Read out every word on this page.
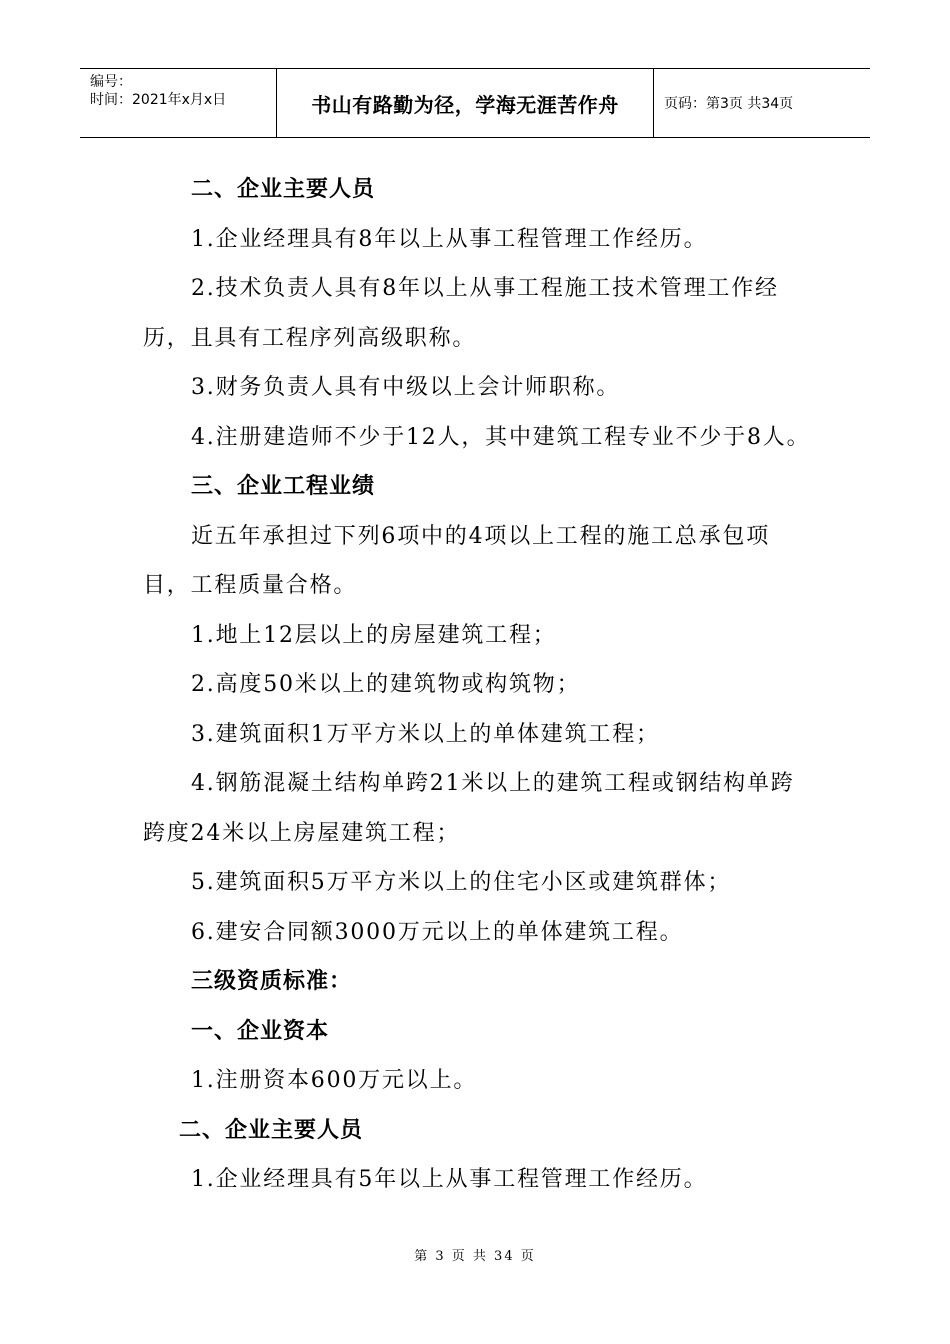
编号：
时间：2021年x月x日	书山有路勤为径，学海无涯苦作舟	页码：第3页 共34页
二、企业主要人员
1.企业经理具有8年以上从事工程管理工作经历。
2.技术负责人具有8年以上从事工程施工技术管理工作经
历，且具有工程序列高级职称。
3.财务负责人具有中级以上会计师职称。
4.注册建造师不少于12人，其中建筑工程专业不少于8人。
三、企业工程业绩
近五年承担过下列6项中的4项以上工程的施工总承包项
目，工程质量合格。
1.地上12层以上的房屋建筑工程；
2.高度50米以上的建筑物或构筑物；
3.建筑面积1万平方米以上的单体建筑工程；
4.钢筋混凝土结构单跨21米以上的建筑工程或钢结构单跨
跨度24米以上房屋建筑工程；
5.建筑面积5万平方米以上的住宅小区或建筑群体；
6.建安合同额3000万元以上的单体建筑工程。
三级资质标准：
一、企业资本
1.注册资本600万元以上。
二、企业主要人员
1.企业经理具有5年以上从事工程管理工作经历。
第 3 页 共 34 页
